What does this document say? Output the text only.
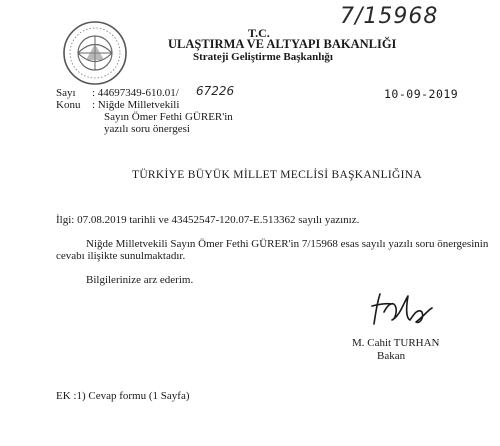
7/15968
T.C.
ULAŞTIRMA VE ALTYAPI BAKANLIĞI
Strateji Geliştirme Başkanlığı
10-09-2019
Sayı : 44697349-610.01/ 67226
Konu : Niğde Milletvekili
Sayın Ömer Fethi GÜRER'in
yazılı soru önergesi
TÜRKİYE BÜYÜK MİLLET MECLİSİ BAŞKANLIĞINA
İlgi: 07.08.2019 tarihli ve 43452547-120.07-E.513362 sayılı yazınız.
Niğde Milletvekili Sayın Ömer Fethi GÜRER'in 7/15968 esas sayılı yazılı soru önergesinin
cevabı ilişikte sunulmaktadır.
Bilgilerinize arz ederim.
M. Cahit TURHAN
Bakan
EK :1) Cevap formu (1 Sayfa)
